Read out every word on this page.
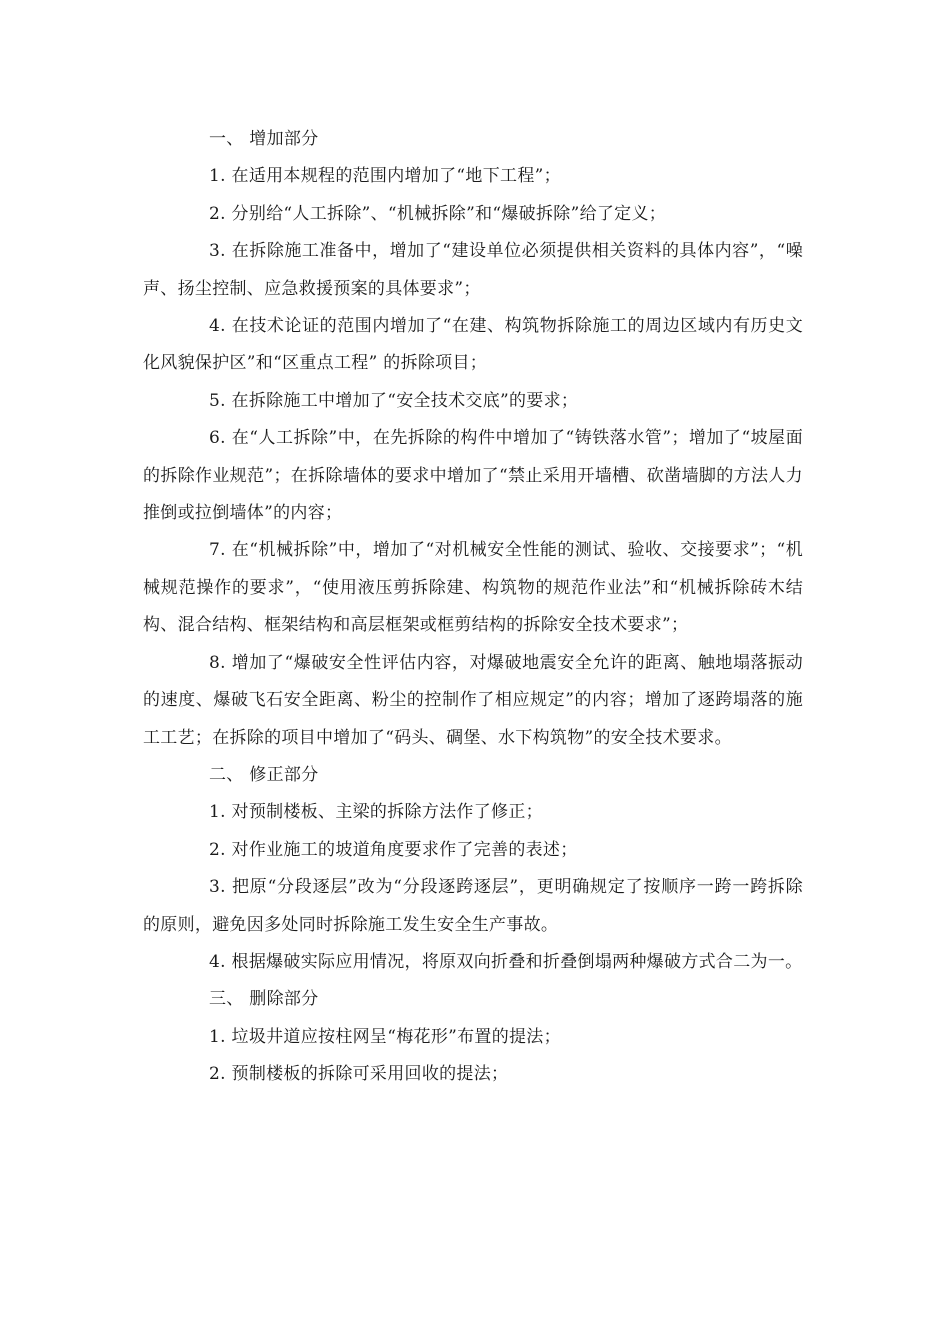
一、 增加部分

1. 在适用本规程的范围内增加了“地下工程”；

2. 分别给“人工拆除”、“机械拆除”和“爆破拆除”给了定义；

3. 在拆除施工准备中，增加了“建设单位必须提供相关资料的具体内容”，“噪声、扬尘控制、应急救援预案的具体要求”；

4. 在技术论证的范围内增加了“在建、构筑物拆除施工的周边区域内有历史文化风貌保护区”和“区重点工程” 的拆除项目；

5. 在拆除施工中增加了“安全技术交底”的要求；

6. 在“人工拆除”中，在先拆除的构件中增加了“铸铁落水管”；增加了“坡屋面的拆除作业规范”；在拆除墙体的要求中增加了“禁止采用开墙槽、砍凿墙脚的方法人力推倒或拉倒墙体”的内容；

7. 在“机械拆除”中，增加了“对机械安全性能的测试、验收、交接要求”；“机械规范操作的要求”，“使用液压剪拆除建、构筑物的规范作业法”和“机械拆除砖木结构、混合结构、框架结构和高层框架或框剪结构的拆除安全技术要求”；

8. 增加了“爆破安全性评估内容，对爆破地震安全允许的距离、触地塌落振动的速度、爆破飞石安全距离、粉尘的控制作了相应规定”的内容；增加了逐跨塌落的施工工艺；在拆除的项目中增加了“码头、碉堡、水下构筑物”的安全技术要求。

二、 修正部分

1. 对预制楼板、主梁的拆除方法作了修正；

2. 对作业施工的坡道角度要求作了完善的表述；

3. 把原“分段逐层”改为“分段逐跨逐层”，更明确规定了按顺序一跨一跨拆除的原则，避免因多处同时拆除施工发生安全生产事故。

4. 根据爆破实际应用情况，将原双向折叠和折叠倒塌两种爆破方式合二为一。

三、 删除部分

1. 垃圾井道应按柱网呈“梅花形”布置的提法；

2. 预制楼板的拆除可采用回收的提法；
